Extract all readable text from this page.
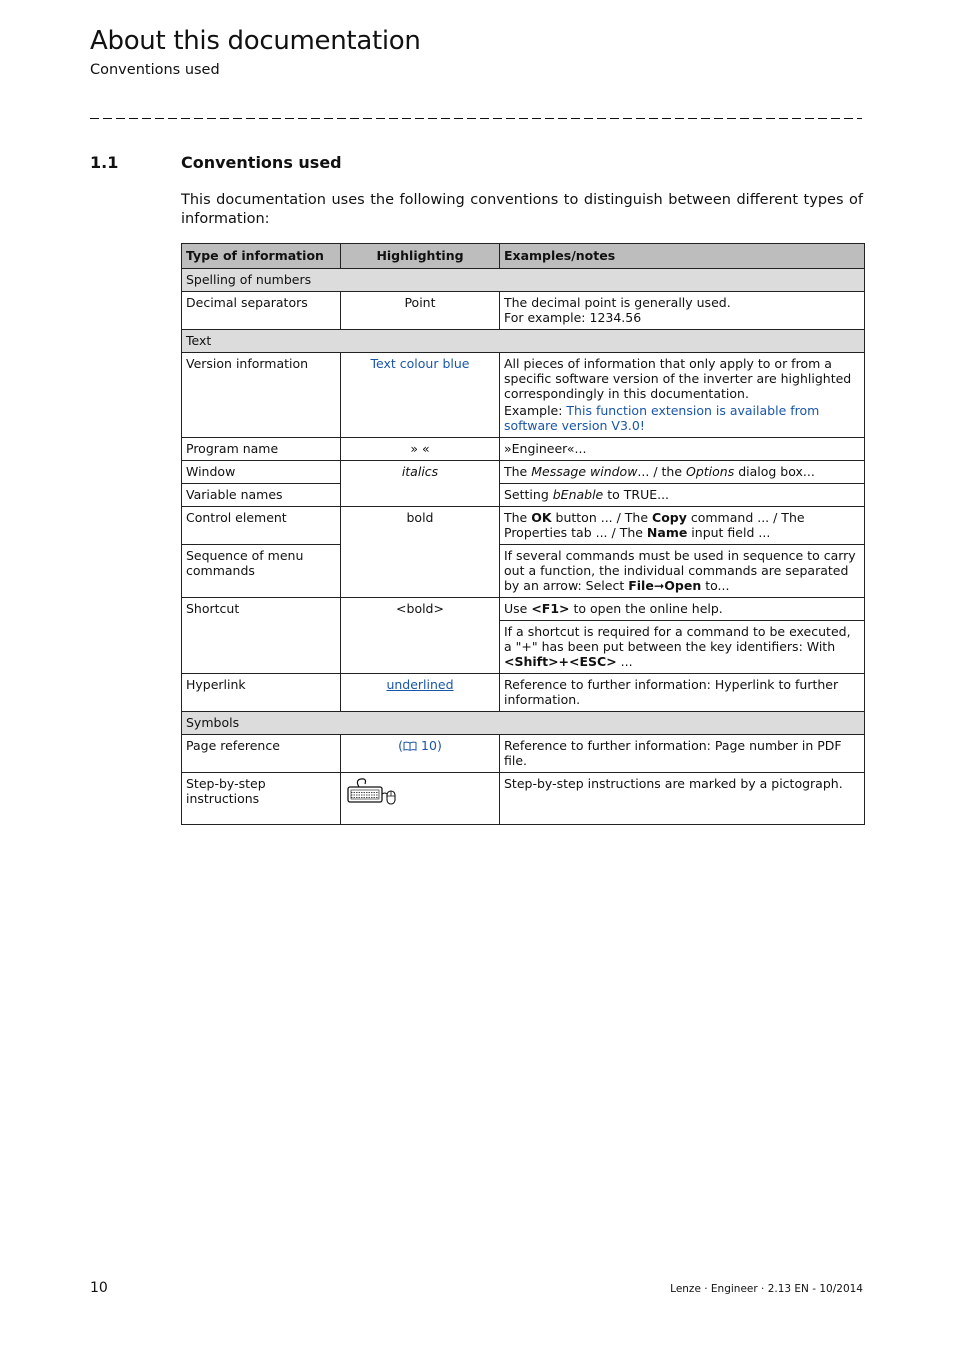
About this documentation
Conventions used
1.1	Conventions used
This documentation uses the following conventions to distinguish between different types of information:
Type of information	Highlighting	Examples/notes
Spelling of numbers		
Decimal separators	Point	The decimal point is generally used.
For example: 1234.56

Text		
Version information	Text colour blue	All pieces of information that only apply to or from a specific software version of the inverter are highlighted correspondingly in this documentation.

Example: This function extension is available from software version V3.0!

Program name	» «	»Engineer«...
Window	italics	The Message window... / the Options dialog box...
Variable names		Setting bEnable to TRUE...
Control element	bold	The OK button ... / The Copy command ... / The Properties tab ... / The Name input field ...
Sequence of menu commands		If several commands must be used in sequence to carry out a function, the individual commands are separated by an arrow: Select File➞Open to...
Shortcut	<bold>	Use <F1> to open the online help.
		If a shortcut is required for a command to be executed, a "+" has been put between the key identifiers: With <Shift>+<ESC> ...
Hyperlink	underlined	Reference to further information: Hyperlink to further information.
Symbols		
Page reference	( 10)	Reference to further information: Page number in PDF file.
Step-by-step instructions		Step-by-step instructions are marked by a pictograph.
10	Lenze · Engineer · 2.13 EN - 10/2014
